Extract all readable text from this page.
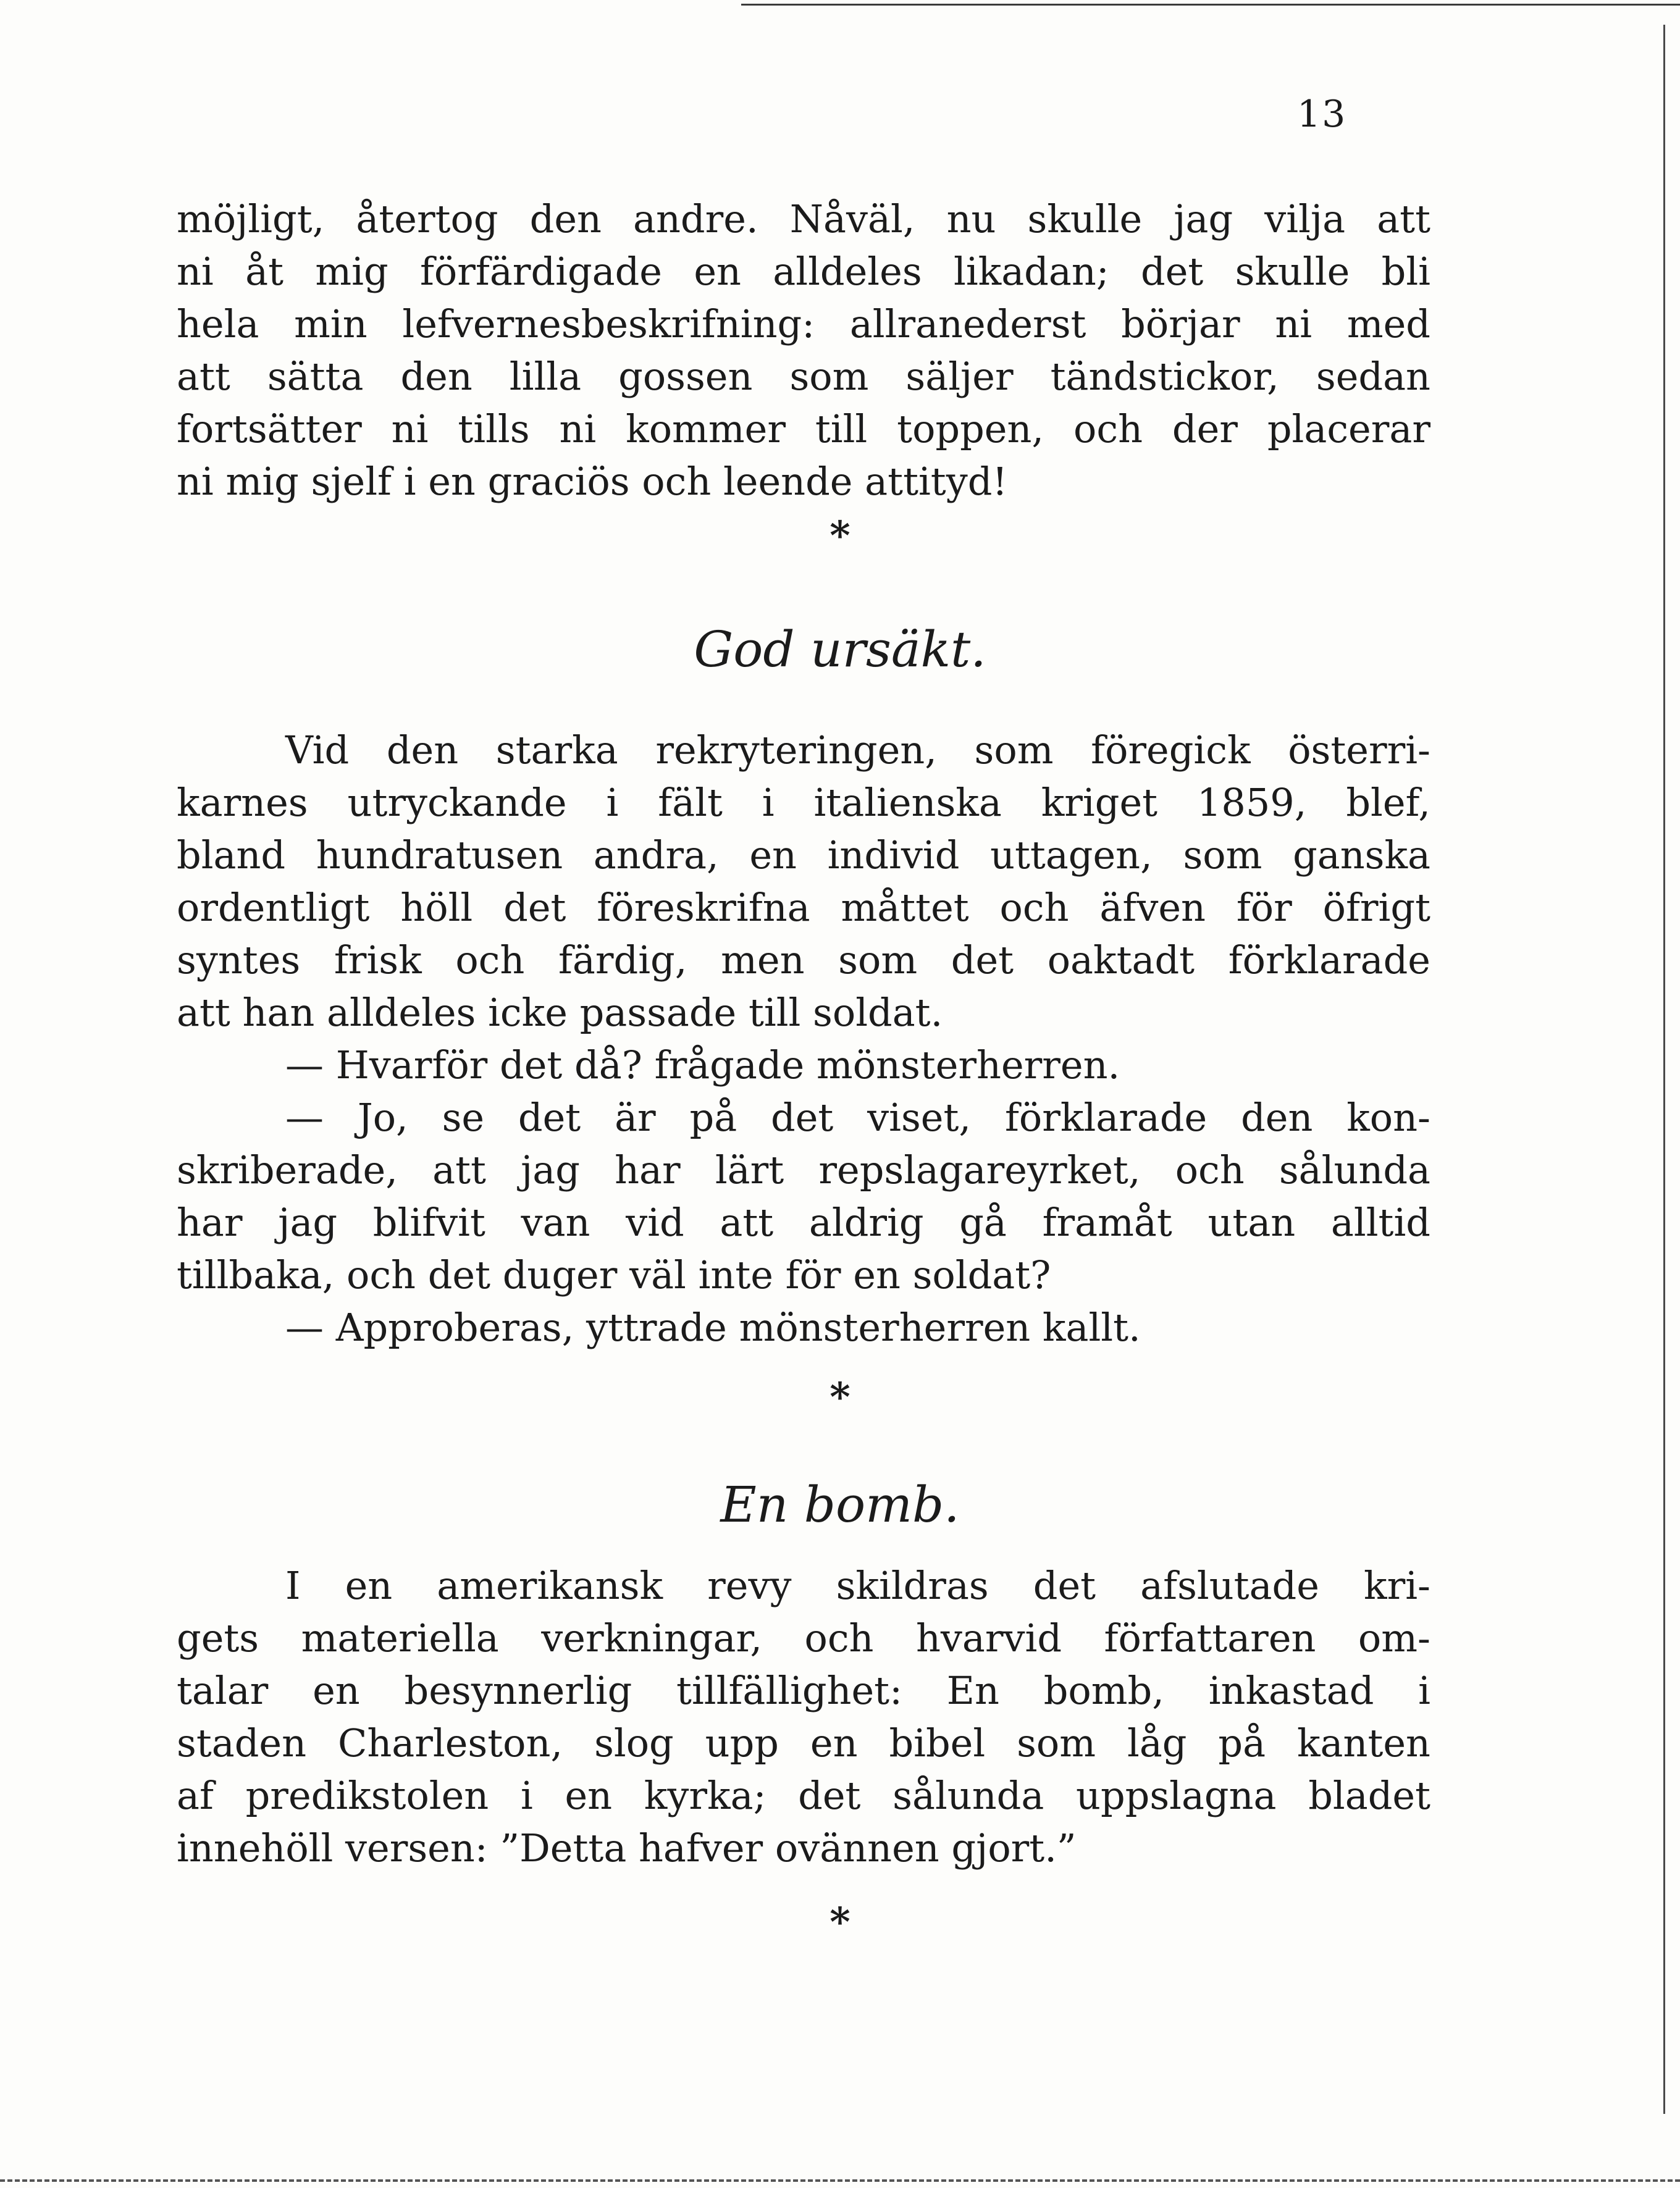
13
möjligt, återtog den andre. Nåväl, nu skulle jag vilja att
ni åt mig förfärdigade en alldeles likadan; det skulle bli
hela min lefvernesbeskrifning: allranederst börjar ni med
att sätta den lilla gossen som säljer tändstickor, sedan
fortsätter ni tills ni kommer till toppen, och der placerar
ni mig sjelf i en graciös och leende attityd!
*
God ursäkt.
Vid den starka rekryteringen, som föregick österri-
karnes utryckande i fält i italienska kriget 1859, blef,
bland hundratusen andra, en individ uttagen, som ganska
ordentligt höll det föreskrifna måttet och äfven för öfrigt
syntes frisk och färdig, men som det oaktadt förklarade
att han alldeles icke passade till soldat.
— Hvarför det då? frågade mönsterherren.
— Jo, se det är på det viset, förklarade den kon-
skriberade, att jag har lärt repslagareyrket, och sålunda
har jag blifvit van vid att aldrig gå framåt utan alltid
tillbaka, och det duger väl inte för en soldat?
— Approberas, yttrade mönsterherren kallt.
*
En bomb.
I en amerikansk revy skildras det afslutade kri-
gets materiella verkningar, och hvarvid författaren om-
talar en besynnerlig tillfällighet: En bomb, inkastad i
staden Charleston, slog upp en bibel som låg på kanten
af predikstolen i en kyrka; det sålunda uppslagna bladet
innehöll versen: ”Detta hafver ovännen gjort.”
*
